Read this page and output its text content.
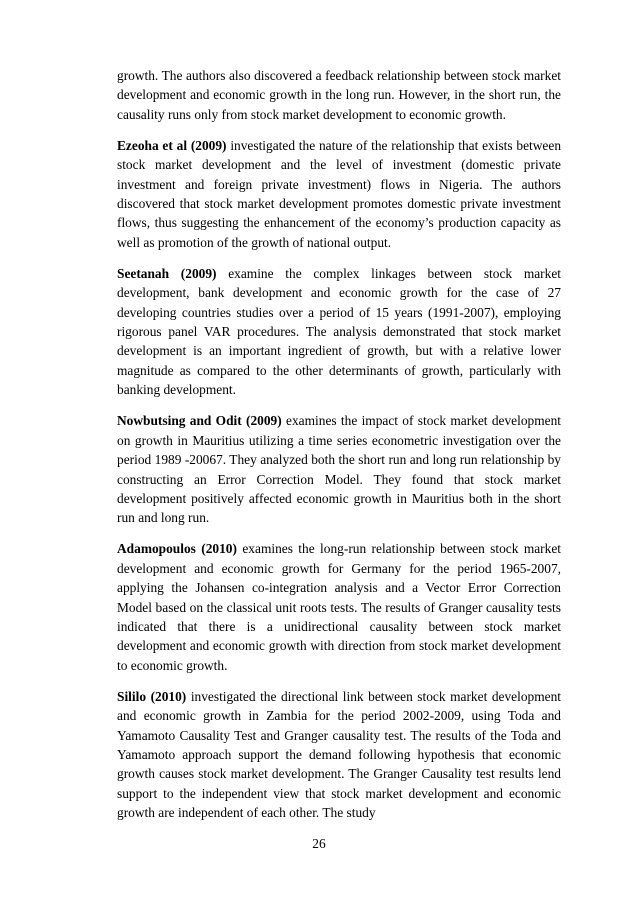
growth. The authors also discovered a feedback relationship between stock market development and economic growth in the long run. However, in the short run, the causality runs only from stock market development to economic growth.

Ezeoha et al (2009) investigated the nature of the relationship that exists between stock market development and the level of investment (domestic private investment and foreign private investment) flows in Nigeria. The authors discovered that stock market development promotes domestic private investment flows, thus suggesting the enhancement of the economy’s production capacity as well as promotion of the growth of national output.

Seetanah (2009) examine the complex linkages between stock market development, bank development and economic growth for the case of 27 developing countries studies over a period of 15 years (1991-2007), employing rigorous panel VAR procedures. The analysis demonstrated that stock market development is an important ingredient of growth, but with a relative lower magnitude as compared to the other determinants of growth, particularly with banking development.

Nowbutsing and Odit (2009) examines the impact of stock market development on growth in Mauritius utilizing a time series econometric investigation over the period 1989 -20067. They analyzed both the short run and long run relationship by constructing an Error Correction Model. They found that stock market development positively affected economic growth in Mauritius both in the short run and long run.

Adamopoulos (2010) examines the long-run relationship between stock market development and economic growth for Germany for the period 1965-2007, applying the Johansen co-integration analysis and a Vector Error Correction Model based on the classical unit roots tests. The results of Granger causality tests indicated that there is a unidirectional causality between stock market development and economic growth with direction from stock market development to economic growth.

Sililo (2010) investigated the directional link between stock market development and economic growth in Zambia for the period 2002-2009, using Toda and Yamamoto Causality Test and Granger causality test. The results of the Toda and Yamamoto approach support the demand following hypothesis that economic growth causes stock market development. The Granger Causality test results lend support to the independent view that stock market development and economic growth are independent of each other. The study

26
